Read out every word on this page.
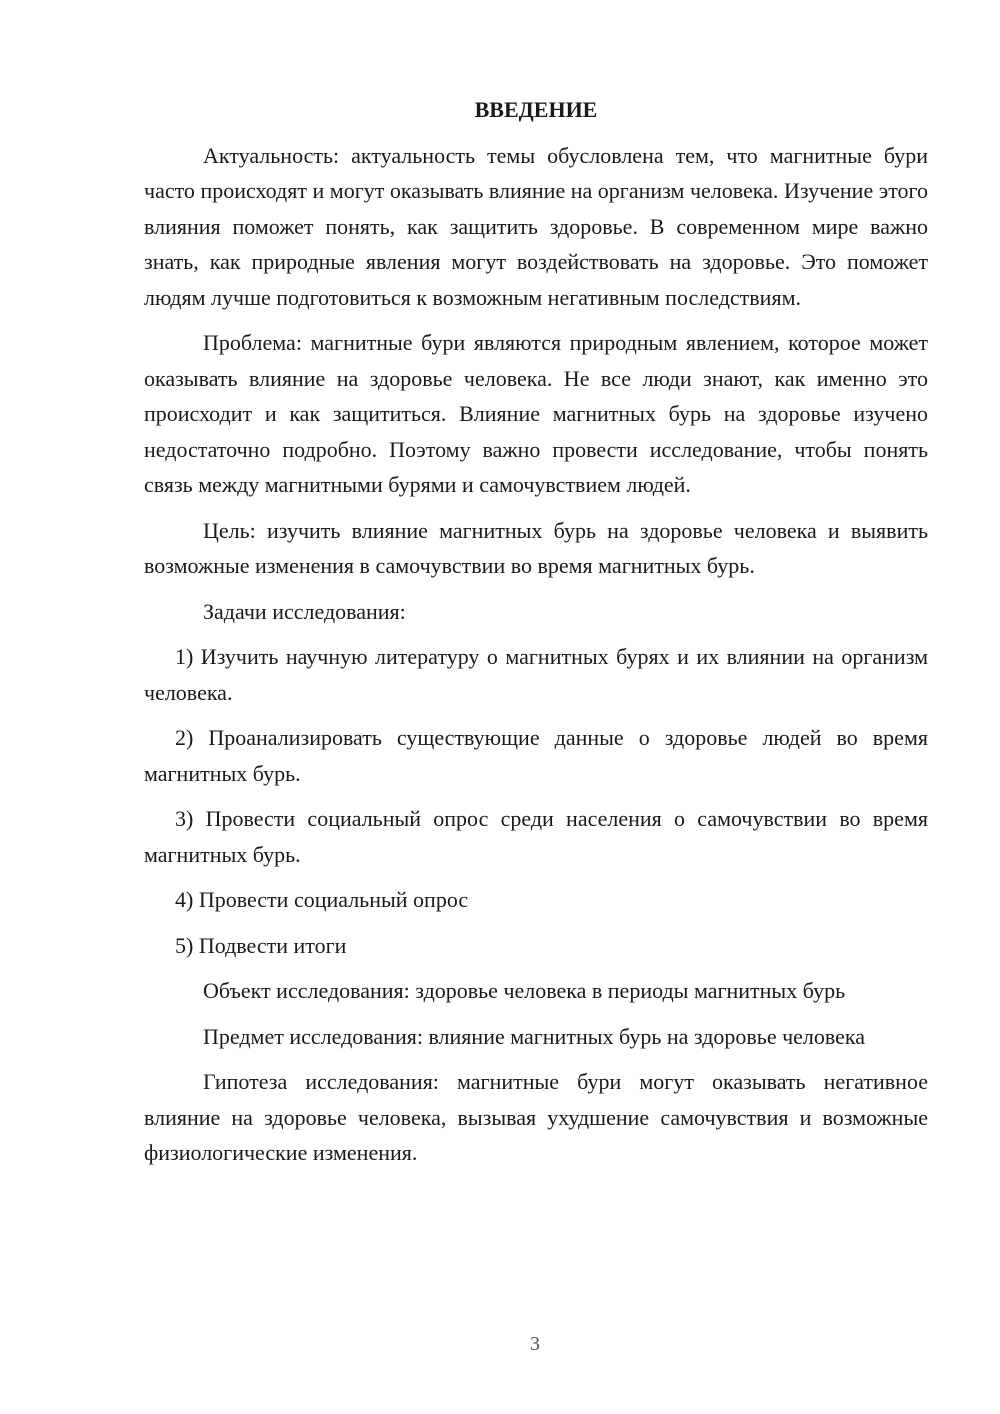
ВВЕДЕНИЕ

Актуальность: актуальность темы обусловлена тем, что магнитные бури часто происходят и могут оказывать влияние на организм человека. Изучение этого влияния поможет понять, как защитить здоровье. В современном мире важно знать, как природные явления могут воздействовать на здоровье. Это поможет людям лучше подготовиться к возможным негативным последствиям.

Проблема: магнитные бури являются природным явлением, которое может оказывать влияние на здоровье человека. Не все люди знают, как именно это происходит и как защититься. Влияние магнитных бурь на здоровье изучено недостаточно подробно. Поэтому важно провести исследование, чтобы понять связь между магнитными бурями и самочувствием людей.

Цель: изучить влияние магнитных бурь на здоровье человека и выявить возможные изменения в самочувствии во время магнитных бурь.

Задачи исследования:

1) Изучить научную литературу о магнитных бурях и их влиянии на организм человека.

2) Проанализировать существующие данные о здоровье людей во время магнитных бурь.

3) Провести социальный опрос среди населения о самочувствии во время магнитных бурь.

4) Провести социальный опрос

5) Подвести итоги

Объект исследования: здоровье человека в периоды магнитных бурь

Предмет исследования: влияние магнитных бурь на здоровье человека

Гипотеза исследования: магнитные бури могут оказывать негативное влияние на здоровье человека, вызывая ухудшение самочувствия и возможные физиологические изменения.

3
